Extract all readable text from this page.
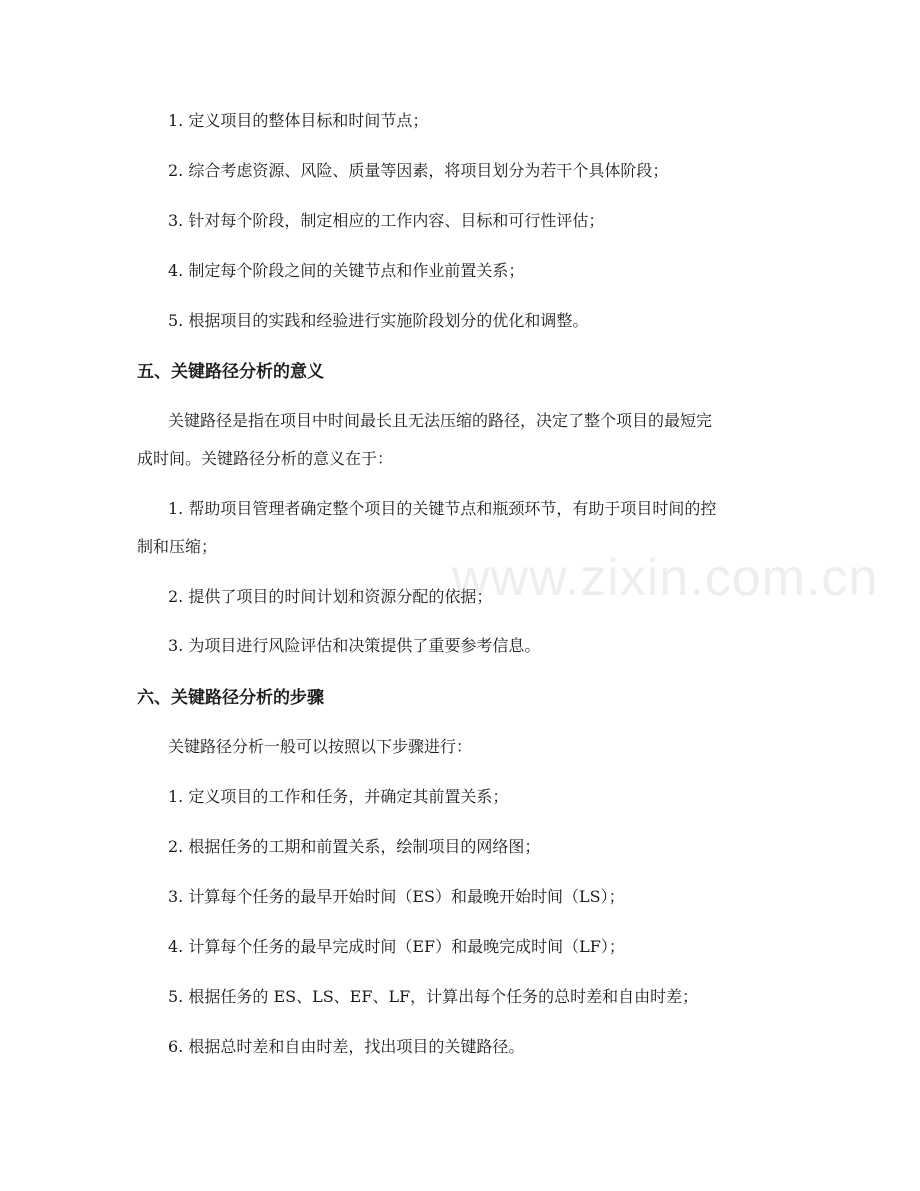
1. 定义项目的整体目标和时间节点；
2. 综合考虑资源、风险、质量等因素，将项目划分为若干个具体阶段；
3. 针对每个阶段，制定相应的工作内容、目标和可行性评估；
4. 制定每个阶段之间的关键节点和作业前置关系；
5. 根据项目的实践和经验进行实施阶段划分的优化和调整。
五、关键路径分析的意义
关键路径是指在项目中时间最长且无法压缩的路径，决定了整个项目的最短完
成时间。关键路径分析的意义在于：
1. 帮助项目管理者确定整个项目的关键节点和瓶颈环节，有助于项目时间的控
制和压缩；
2. 提供了项目的时间计划和资源分配的依据；
3. 为项目进行风险评估和决策提供了重要参考信息。
六、关键路径分析的步骤
关键路径分析一般可以按照以下步骤进行：
1. 定义项目的工作和任务，并确定其前置关系；
2. 根据任务的工期和前置关系，绘制项目的网络图；
3. 计算每个任务的最早开始时间（ES）和最晚开始时间（LS）；
4. 计算每个任务的最早完成时间（EF）和最晚完成时间（LF）；
5. 根据任务的 ES、LS、EF、LF，计算出每个任务的总时差和自由时差；
6. 根据总时差和自由时差，找出项目的关键路径。
www.zixin.com.cn
